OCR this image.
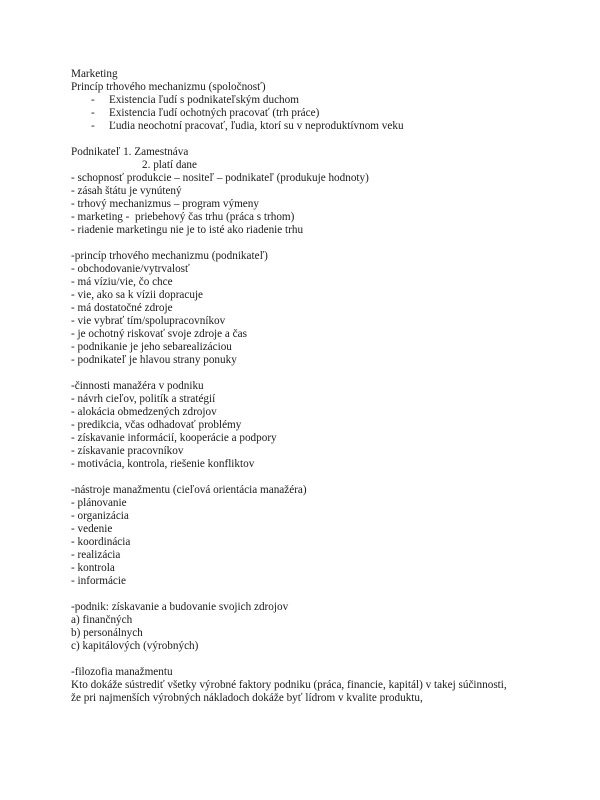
Marketing
Princíp trhového mechanizmu (spoločnosť)

-

Existencia ľudí s podnikateľským duchom

-

Existencia ľudí ochotných pracovať (trh práce)

-

Ľudia neochotní pracovať, ľudia, ktorí su v neproduktívnom veku

Podnikateľ 1. Zamestnáva
2. platí dane
- schopnosť produkcie – nositeľ – podnikateľ (produkuje hodnoty)
- zásah štátu je vynútený
- trhový mechanizmus – program výmeny
- marketing -  priebehový čas trhu (práca s trhom)
- riadenie marketingu nie je to isté ako riadenie trhu
-princíp trhového mechanizmu (podnikateľ)
- obchodovanie/vytrvalosť
- má víziu/vie, čo chce
- vie, ako sa k vízii dopracuje
- má dostatočné zdroje
- vie vybrať tím/spolupracovníkov
- je ochotný riskovať svoje zdroje a čas
- podnikanie je jeho sebarealizáciou
- podnikateľ je hlavou strany ponuky
-činnosti manažéra v podniku
- návrh cieľov, politík a stratégií
- alokácia obmedzených zdrojov
- predikcia, včas odhadovať problémy
- získavanie informácií, kooperácie a podpory
- získavanie pracovníkov
- motivácia, kontrola, riešenie konfliktov
-nástroje manažmentu (cieľová orientácia manažéra)
- plánovanie
- organizácia
- vedenie
- koordinácia
- realizácia
- kontrola
- informácie
-podnik: získavanie a budovanie svojich zdrojov
a) finančných
b) personálnych
c) kapitálových (výrobných)
-filozofia manažmentu
Kto dokáže sústrediť všetky výrobné faktory podniku (práca, financie, kapitál) v takej súčinnosti, že pri najmenších výrobných nákladoch dokáže byť lídrom v kvalite produktu,
